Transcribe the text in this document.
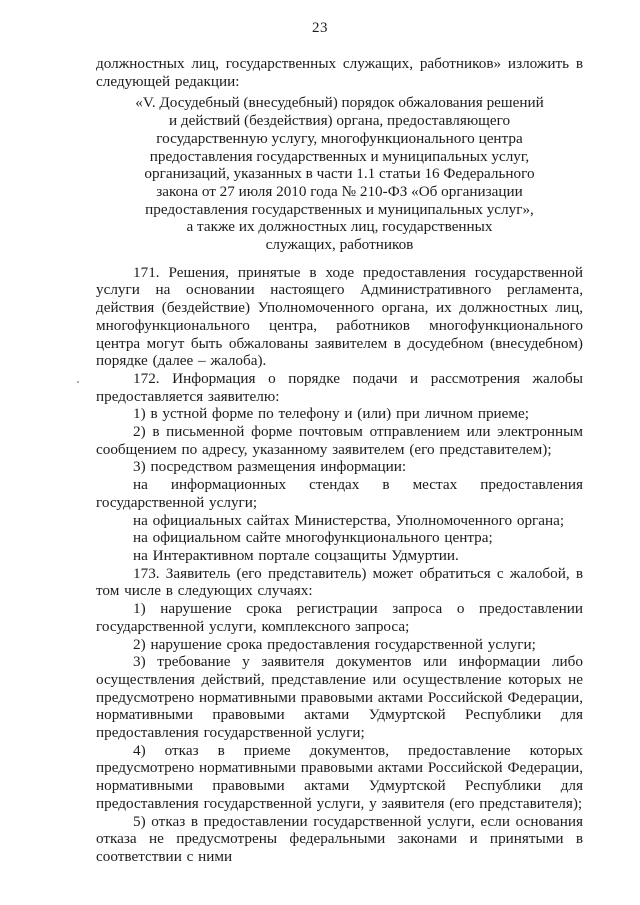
23

должностных лиц, государственных служащих, работников» изложить в следующей редакции:

«V. Досудебный (внесудебный) порядок обжалования решений
и действий (бездействия) органа, предоставляющего
государственную услугу, многофункционального центра
предоставления государственных и муниципальных услуг,
организаций, указанных в части 1.1 статьи 16 Федерального
закона от 27 июля 2010 года № 210-ФЗ «Об организации
предоставления государственных и муниципальных услуг»,
а также их должностных лиц, государственных
служащих, работников

171. Решения, принятые в ходе предоставления государственной услуги на основании настоящего Административного регламента, действия (бездействие) Уполномоченного органа, их должностных лиц, многофункционального центра, работников многофункционального центра могут быть обжалованы заявителем в досудебном (внесудебном) порядке (далее – жалоба).

172. Информация о порядке подачи и рассмотрения жалобы предоставляется заявителю:

1) в устной форме по телефону и (или) при личном приеме;

2) в письменной форме почтовым отправлением или электронным сообщением по адресу, указанному заявителем (его представителем);

3) посредством размещения информации:

на информационных стендах в местах предоставления государственной услуги;

на официальных сайтах Министерства, Уполномоченного органа;

на официальном сайте многофункционального центра;

на Интерактивном портале соцзащиты Удмуртии.

173. Заявитель (его представитель) может обратиться с жалобой, в том числе в следующих случаях:

1) нарушение срока регистрации запроса о предоставлении государственной услуги, комплексного запроса;

2) нарушение срока предоставления государственной услуги;

3) требование у заявителя документов или информации либо осуществления действий, представление или осуществление которых не предусмотрено нормативными правовыми актами Российской Федерации, нормативными правовыми актами Удмуртской Республики для предоставления государственной услуги;

4) отказ в приеме документов, предоставление которых предусмотрено нормативными правовыми актами Российской Федерации, нормативными правовыми актами Удмуртской Республики для предоставления государственной услуги, у заявителя (его представителя);

5) отказ в предоставлении государственной услуги, если основания отказа не предусмотрены федеральными законами и принятыми в соответствии с ними
